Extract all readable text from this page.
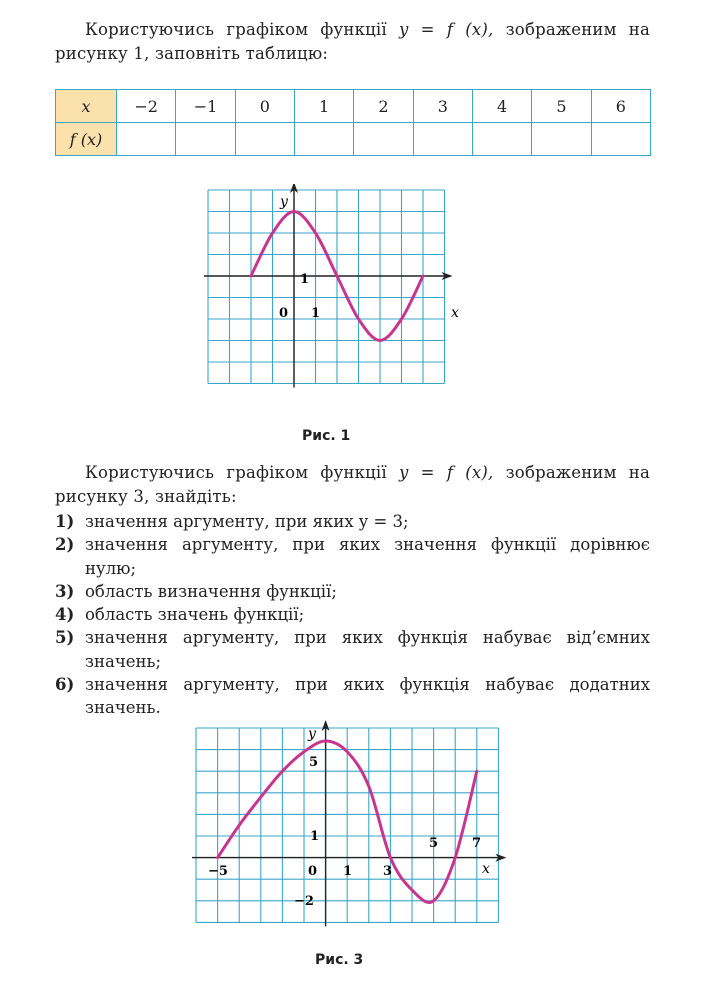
Користуючись графіком функції y = f (x), зображеним на рисунку 1, заповніть таблицю:
x	−2	−1	0	1	2	3	4	5	6
f (x)									
y
x
0 1
1
Рис. 1
Користуючись графіком функції y = f (x), зображеним на рисунку 3, знайдіть:
1) значення аргументу, при яких y = 3;
2) значення аргументу, при яких значення функції дорівнює нулю;
3) область визначення функції;
4) область значень функції;
5) значення аргументу, при яких функція набуває від’ємних значень;
6) значення аргументу, при яких функція набуває додатних значень.
y
x
−5	0 1 3
5	7
5
1
−2
Рис. 3
